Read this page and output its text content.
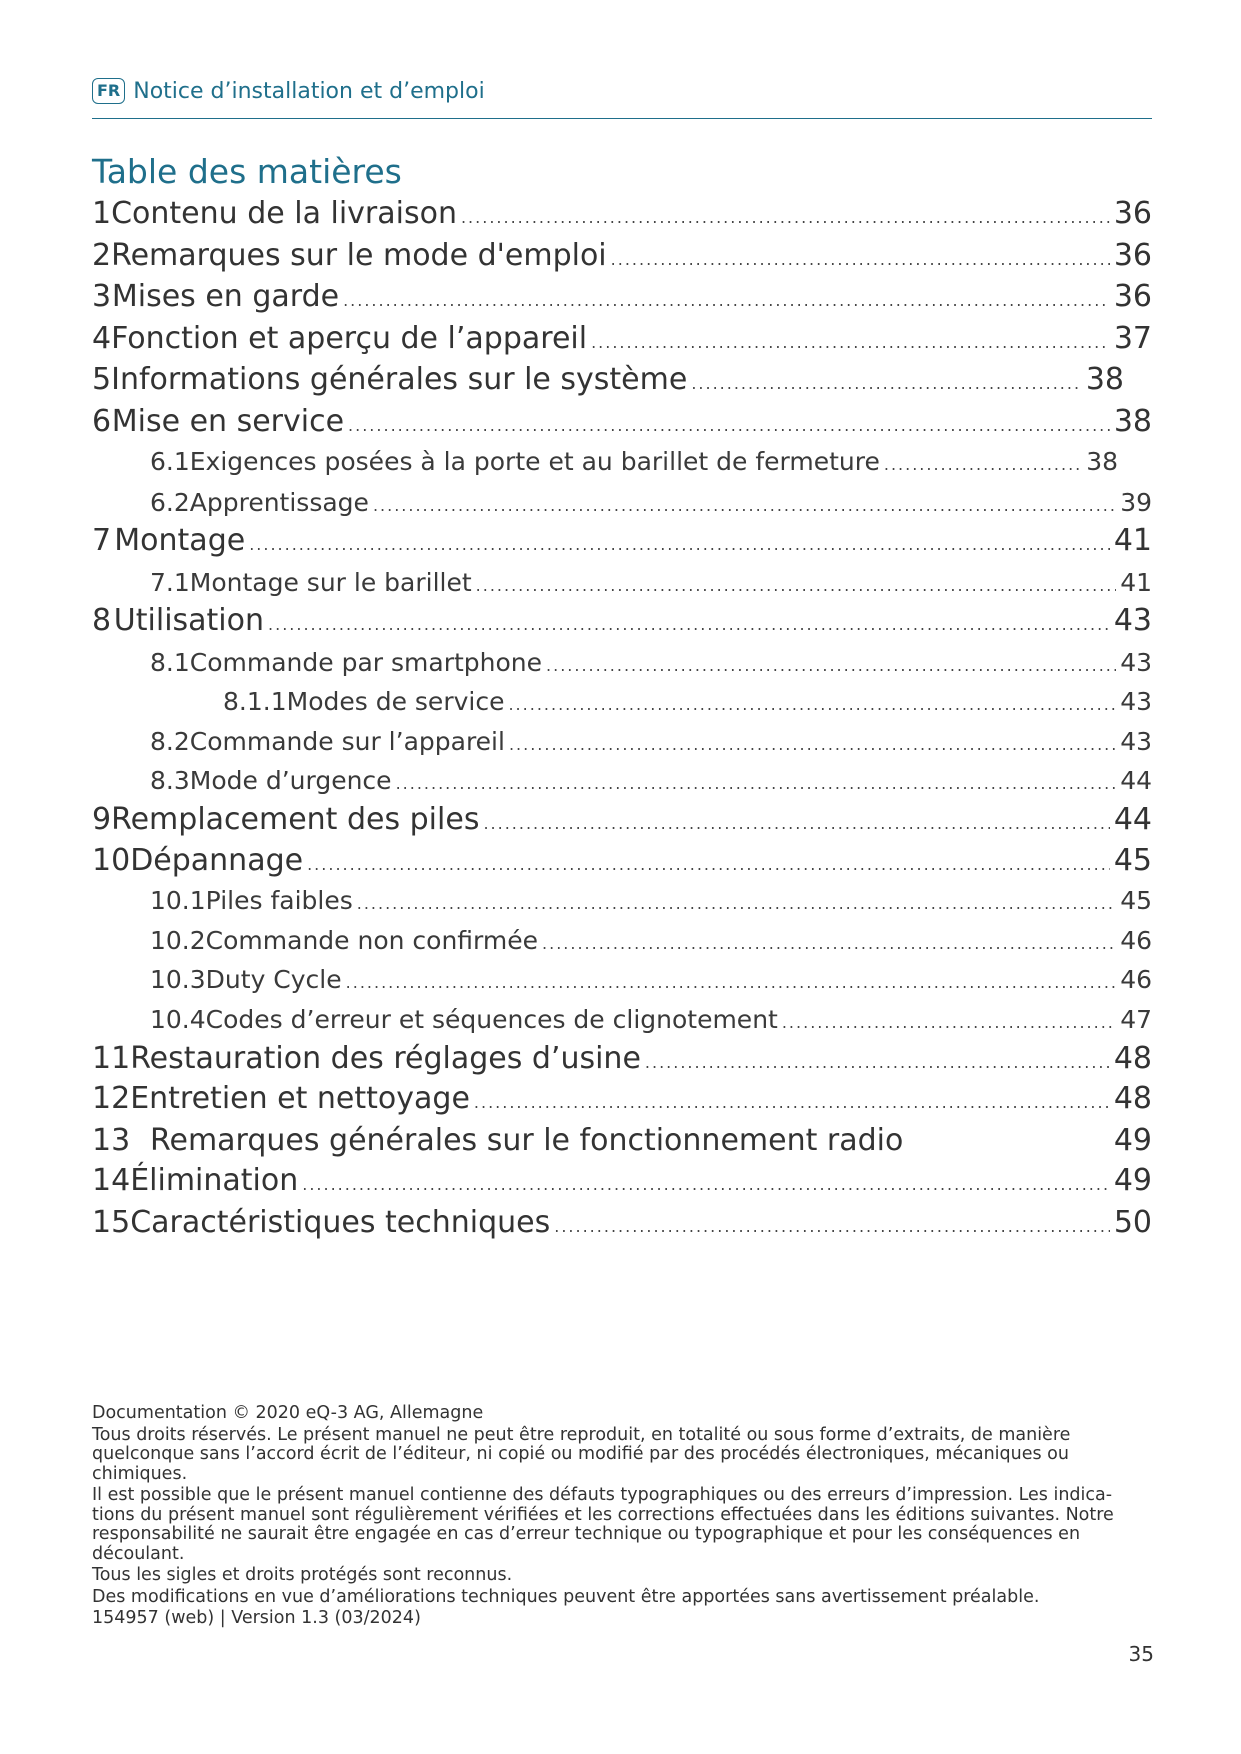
FR Notice d’installation et d’emploi
Table des matières
1 Contenu de la livraison .....	36
2 Remarques sur le mode d'emploi .....	36
3 Mises en garde .....	36
4 Fonction et aperçu de l’appareil .....	37
5 Informations générales sur le système .....	38
6 Mise en service .....	38
6.1 Exigences posées à la porte et au barillet de fermeture .....	38
6.2 Apprentissage .....	39
7 Montage .....	41
7.1 Montage sur le barillet .....	41
8 Utilisation .....	43
8.1 Commande par smartphone .....	43
8.1.1 Modes de service .....	43
8.2 Commande sur l’appareil .....	43
8.3 Mode d’urgence .....	44
9 Remplacement des piles .....	44
10 Dépannage .....	45
10.1 Piles faibles .....	45
10.2 Commande non confirmée .....	46
10.3 Duty Cycle .....	46
10.4 Codes d’erreur et séquences de clignotement .....	47
11 Restauration des réglages d’usine .....	48
12 Entretien et nettoyage .....	48
13 Remarques générales sur le fonctionnement radio	49
14 Élimination .....	49
15 Caractéristiques techniques .....	50

Documentation © 2020 eQ-3 AG, Allemagne

Tous droits réservés. Le présent manuel ne peut être reproduit, en totalité ou sous forme d’extraits, de manière quelconque sans l’accord écrit de l’éditeur, ni copié ou modifié par des procédés électroniques, mécaniques ou chimiques.

Il est possible que le présent manuel contienne des défauts typographiques ou des erreurs d’impression. Les indica-tions du présent manuel sont régulièrement vérifiées et les corrections effectuées dans les éditions suivantes. Notre responsabilité ne saurait être engagée en cas d’erreur technique ou typographique et pour les conséquences en découlant.

Tous les sigles et droits protégés sont reconnus.

Des modifications en vue d’améliorations techniques peuvent être apportées sans avertissement préalable.

154957 (web) | Version 1.3 (03/2024)

35
